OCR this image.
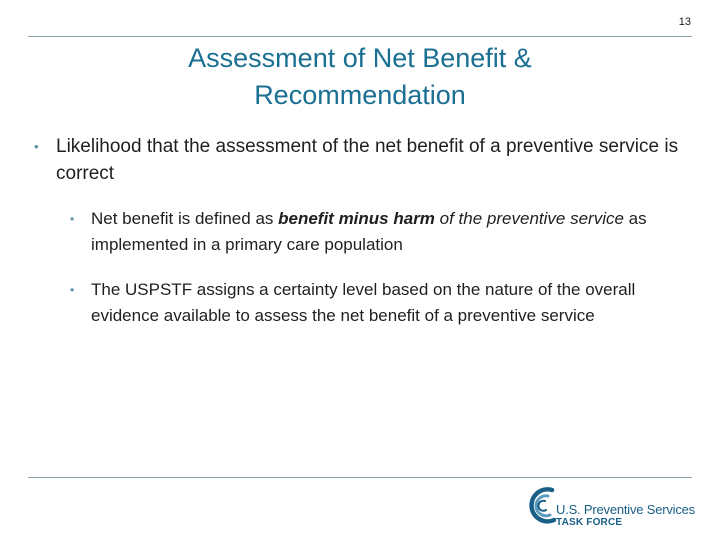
13
Assessment of Net Benefit &
Recommendation
• Likelihood that the assessment of the net benefit of a preventive service is correct
• Net benefit is defined as benefit minus harm of the preventive service as implemented in a primary care population
• The USPSTF assigns a certainty level based on the nature of the overall evidence available to assess the net benefit of a preventive service
U.S. Preventive Services
TASK FORCE
